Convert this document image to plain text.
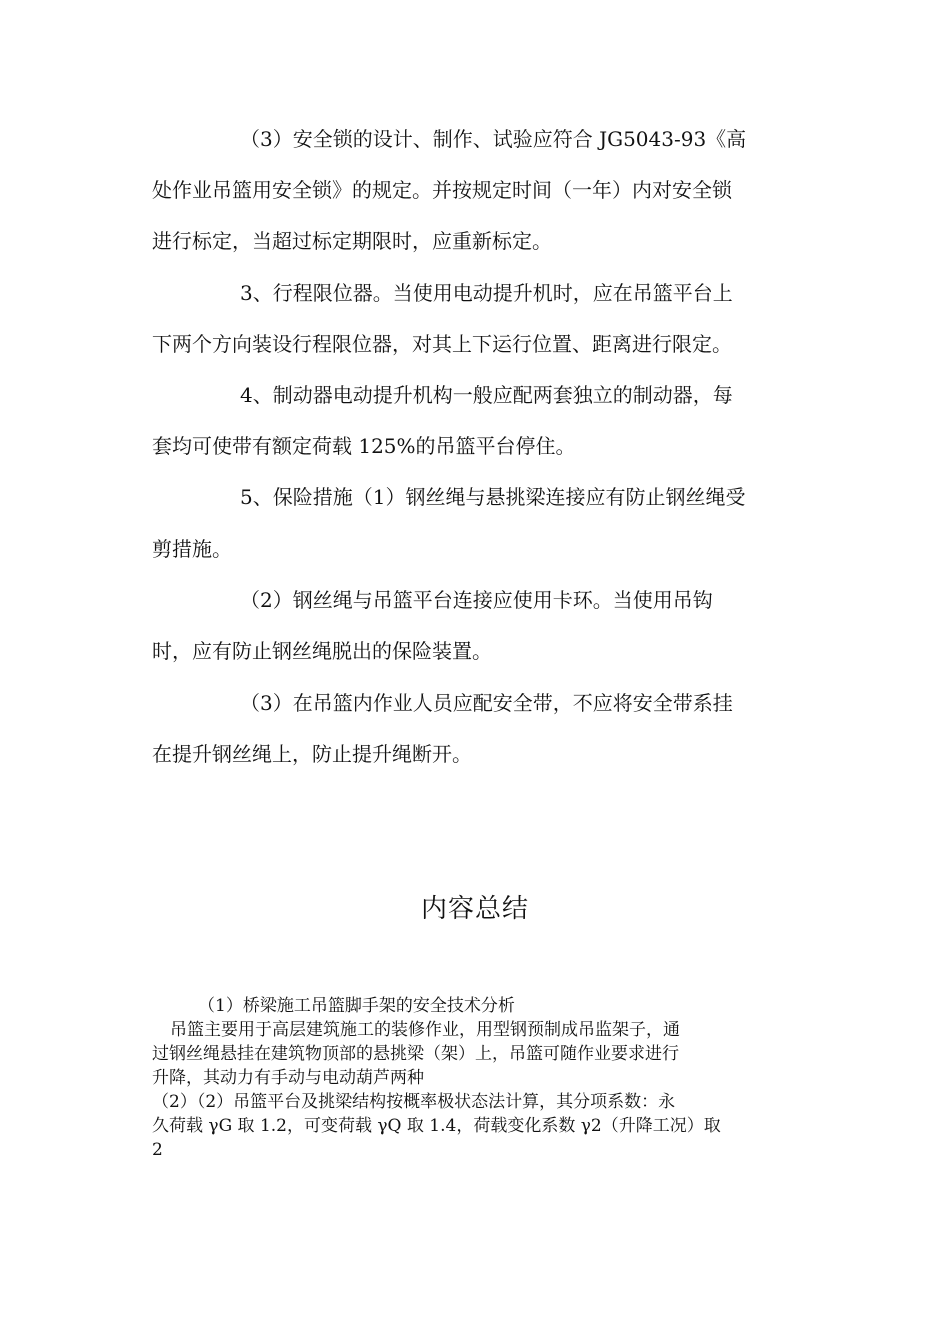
（3）安全锁的设计、制作、试验应符合 JG5043-93《高
处作业吊篮用安全锁》的规定。并按规定时间（一年）内对安全锁
进行标定，当超过标定期限时，应重新标定。
3、行程限位器。当使用电动提升机时，应在吊篮平台上
下两个方向装设行程限位器，对其上下运行位置、距离进行限定。
4、制动器电动提升机构一般应配两套独立的制动器，每
套均可使带有额定荷载 125%的吊篮平台停住。
5、保险措施（1）钢丝绳与悬挑梁连接应有防止钢丝绳受
剪措施。
（2）钢丝绳与吊篮平台连接应使用卡环。当使用吊钩
时，应有防止钢丝绳脱出的保险装置。
（3）在吊篮内作业人员应配安全带，不应将安全带系挂
在提升钢丝绳上，防止提升绳断开。
内容总结
（1）桥梁施工吊篮脚手架的安全技术分析
吊篮主要用于高层建筑施工的装修作业，用型钢预制成吊监架子，通
过钢丝绳悬挂在建筑物顶部的悬挑梁（架）上，吊篮可随作业要求进行
升降，其动力有手动与电动葫芦两种
（2）（2）吊篮平台及挑梁结构按概率极状态法计算，其分项系数：永
久荷载 γG 取 1.2，可变荷载 γQ 取 1.4，荷载变化系数 γ2（升降工况）取
2
